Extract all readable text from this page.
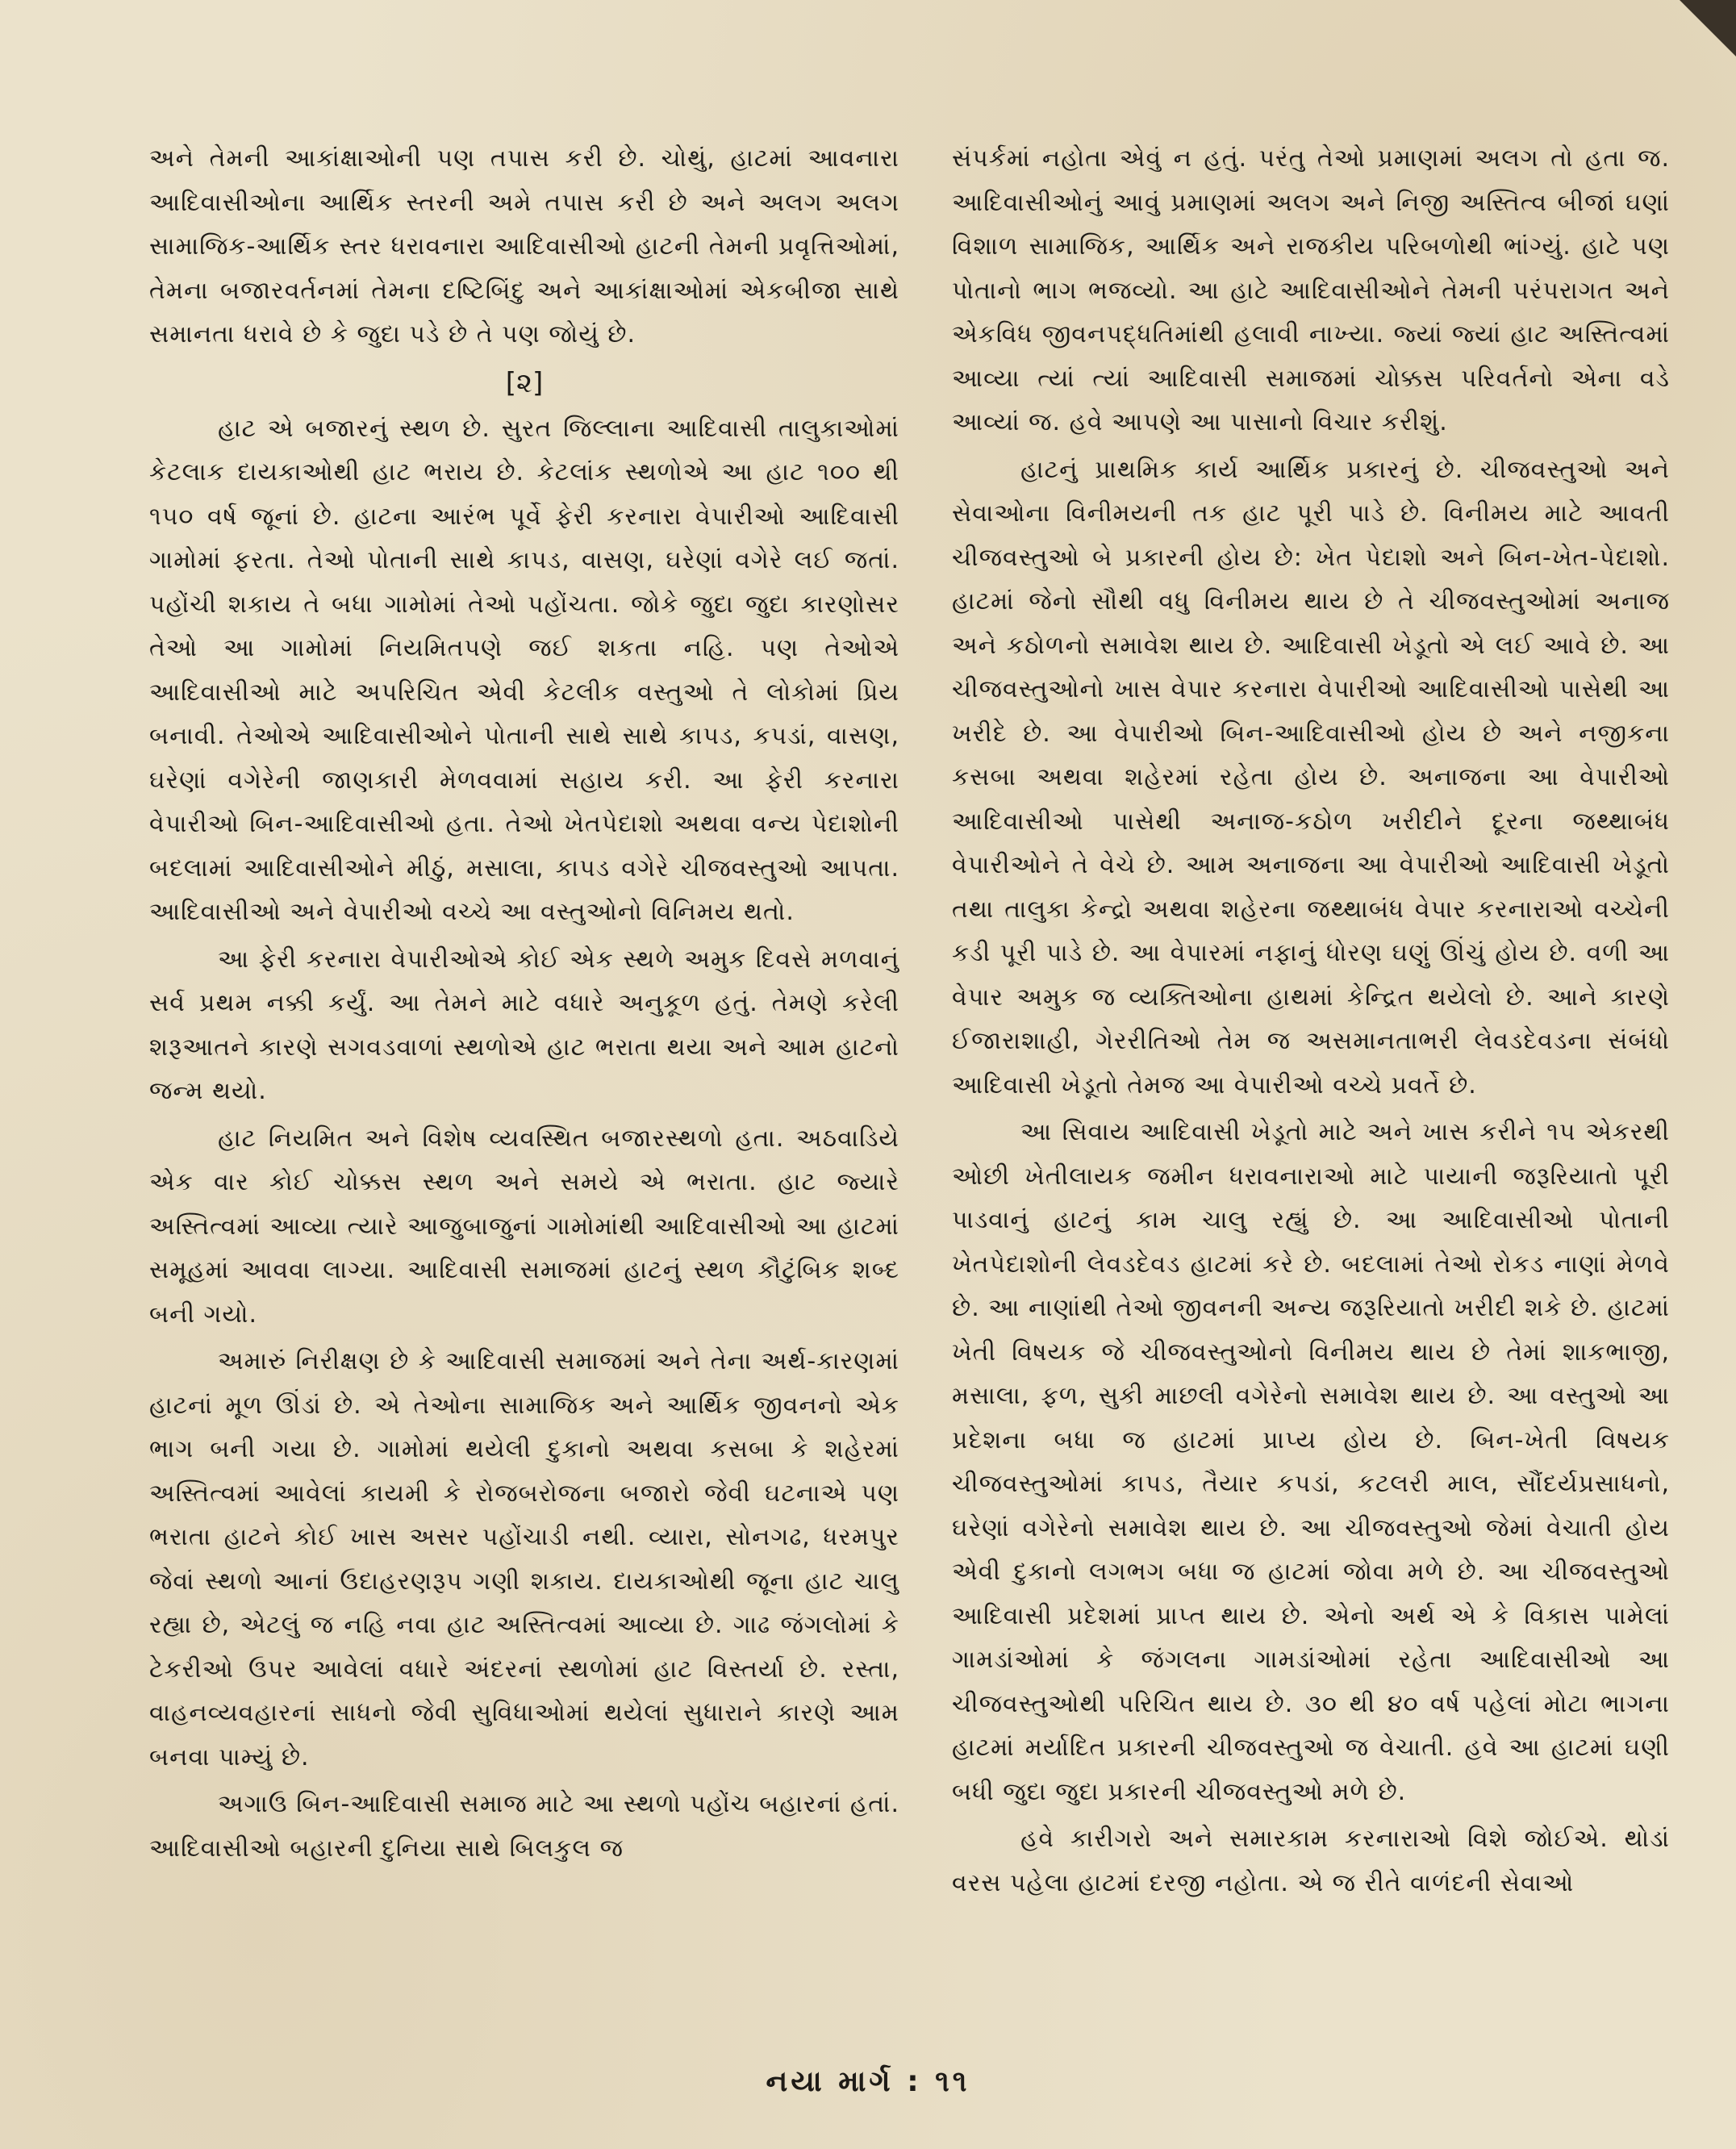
અને તેમની આકાંક્ષાઓની પણ તપાસ કરી છે. ચોથું, હાટમાં આવનારા આદિવાસીઓના આર્થિક સ્તરની અમે તપાસ કરી છે અને અલગ અલગ સામાજિક-આર્થિક સ્તર ધરાવનારા આદિવાસીઓ હાટની તેમની પ્રવૃત્તિઓમાં, તેમના બજારવર્તનમાં તેમના દષ્ટિબિંદુ અને આકાંક્ષાઓમાં એકબીજા સાથે સમાનતા ધરાવે છે કે જુદા પડે છે તે પણ જોયું છે.

[૨]

હાટ એ બજારનું સ્થળ છે. સુરત જિલ્લાના આદિવાસી તાલુકાઓમાં કેટલાક દાયકાઓથી હાટ ભરાય છે. કેટલાંક સ્થળોએ આ હાટ ૧૦૦ થી ૧૫૦ વર્ષ જૂનાં છે. હાટના આરંભ પૂર્વે ફેરી કરનારા વેપારીઓ આદિવાસી ગામોમાં ફરતા. તેઓ પોતાની સાથે કાપડ, વાસણ, ઘરેણાં વગેરે લઈ જતાં. પહોંચી શકાય તે બધા ગામોમાં તેઓ પહોંચતા. જોકે જુદા જુદા કારણોસર તેઓ આ ગામોમાં નિયમિતપણે જઈ શકતા નહિ. પણ તેઓએ આદિવાસીઓ માટે અપરિચિત એવી કેટલીક વસ્તુઓ તે લોકોમાં પ્રિય બનાવી. તેઓએ આદિવાસીઓને પોતાની સાથે સાથે કાપડ, કપડાં, વાસણ, ઘરેણાં વગેરેની જાણકારી મેળવવામાં સહાય કરી. આ ફેરી કરનારા વેપારીઓ બિન-આદિવાસીઓ હતા. તેઓ ખેતપેદાશો અથવા વન્ય પેદાશોની બદલામાં આદિવાસીઓને મીઠું, મસાલા, કાપડ વગેરે ચીજવસ્તુઓ આપતા. આદિવાસીઓ અને વેપારીઓ વચ્ચે આ વસ્તુઓનો વિનિમય થતો.

આ ફેરી કરનારા વેપારીઓએ કોઈ એક સ્થળે અમુક દિવસે મળવાનું સર્વ પ્રથમ નક્કી કર્યું. આ તેમને માટે વધારે અનુકૂળ હતું. તેમણે કરેલી શરૂઆતને કારણે સગવડવાળાં સ્થળોએ હાટ ભરાતા થયા અને આમ હાટનો જન્મ થયો.

હાટ નિયમિત અને વિશેષ વ્યવસ્થિત બજારસ્થળો હતા. અઠવાડિયે એક વાર કોઈ ચોક્કસ સ્થળ અને સમયે એ ભરાતા. હાટ જ્યારે અસ્તિત્વમાં આવ્યા ત્યારે આજુબાજુનાં ગામોમાંથી આદિવાસીઓ આ હાટમાં સમૂહમાં આવવા લાગ્યા. આદિવાસી સમાજમાં હાટનું સ્થળ કૌટુંબિક શબ્દ બની ગયો.

અમારું નિરીક્ષણ છે કે આદિવાસી સમાજમાં અને તેના અર્થ-કારણમાં હાટનાં મૂળ ઊંડાં છે. એ તેઓના સામાજિક અને આર્થિક જીવનનો એક ભાગ બની ગયા છે. ગામોમાં થયેલી દુકાનો અથવા કસબા કે શહેરમાં અસ્તિત્વમાં આવેલાં કાયમી કે રોજબરોજના બજારો જેવી ઘટનાએ પણ ભરાતા હાટને કોઈ ખાસ અસર પહોંચાડી નથી. વ્યારા, સોનગઢ, ધરમપુર જેવાં સ્થળો આનાં ઉદાહરણરૂપ ગણી શકાય. દાયકાઓથી જૂના હાટ ચાલુ રહ્યા છે, એટલું જ નહિ નવા હાટ અસ્તિત્વમાં આવ્યા છે. ગાઢ જંગલોમાં કે ટેકરીઓ ઉપર આવેલાં વધારે અંદરનાં સ્થળોમાં હાટ વિસ્તર્યા છે. રસ્તા, વાહનવ્યવહારનાં સાધનો જેવી સુવિધાઓમાં થયેલાં સુધારાને કારણે આમ બનવા પામ્યું છે.

અગાઉ બિન-આદિવાસી સમાજ માટે આ સ્થળો પહોંચ બહારનાં હતાં. આદિવાસીઓ બહારની દુનિયા સાથે બિલકુલ જ

સંપર્કમાં નહોતા એવું ન હતું. પરંતુ તેઓ પ્રમાણમાં અલગ તો હતા જ. આદિવાસીઓનું આવું પ્રમાણમાં અલગ અને નિજી અસ્તિત્વ બીજાં ઘણાં વિશાળ સામાજિક, આર્થિક અને રાજકીય પરિબળોથી ભાંગ્યું. હાટે પણ પોતાનો ભાગ ભજવ્યો. આ હાટે આદિવાસીઓને તેમની પરંપરાગત અને એકવિધ જીવનપદ્ધતિમાંથી હલાવી નાખ્યા. જ્યાં જ્યાં હાટ અસ્તિત્વમાં આવ્યા ત્યાં ત્યાં આદિવાસી સમાજમાં ચોક્કસ પરિવર્તનો એના વડે આવ્યાં જ. હવે આપણે આ પાસાનો વિચાર કરીશું.

હાટનું પ્રાથમિક કાર્ય આર્થિક પ્રકારનું છે. ચીજવસ્તુઓ અને સેવાઓના વિનીમયની તક હાટ પૂરી પાડે છે. વિનીમય માટે આવતી ચીજવસ્તુઓ બે પ્રકારની હોય છે: ખેત પેદાશો અને બિન-ખેત-પેદાશો. હાટમાં જેનો સૌથી વધુ વિનીમય થાય છે તે ચીજવસ્તુઓમાં અનાજ અને કઠોળનો સમાવેશ થાય છે. આદિવાસી ખેડૂતો એ લઈ આવે છે. આ ચીજવસ્તુઓનો ખાસ વેપાર કરનારા વેપારીઓ આદિવાસીઓ પાસેથી આ ખરીદે છે. આ વેપારીઓ બિન-આદિવાસીઓ હોય છે અને નજીકના કસબા અથવા શહેરમાં રહેતા હોય છે. અનાજના આ વેપારીઓ આદિવાસીઓ પાસેથી અનાજ-કઠોળ ખરીદીને દૂરના જથ્થાબંધ વેપારીઓને તે વેચે છે. આમ અનાજના આ વેપારીઓ આદિવાસી ખેડૂતો તથા તાલુકા કેન્દ્રો અથવા શહેરના જથ્થાબંધ વેપાર કરનારાઓ વચ્ચેની કડી પૂરી પાડે છે. આ વેપારમાં નફાનું ધોરણ ઘણું ઊંચું હોય છે. વળી આ વેપાર અમુક જ વ્યક્તિઓના હાથમાં કેન્દ્રિત થયેલો છે. આને કારણે ઈજારાશાહી, ગેરરીતિઓ તેમ જ અસમાનતાભરી લેવડદેવડના સંબંધો આદિવાસી ખેડૂતો તેમજ આ વેપારીઓ વચ્ચે પ્રવર્તે છે.

આ સિવાય આદિવાસી ખેડૂતો માટે અને ખાસ કરીને ૧૫ એકરથી ઓછી ખેતીલાયક જમીન ધરાવનારાઓ માટે પાયાની જરૂરિયાતો પૂરી પાડવાનું હાટનું કામ ચાલુ રહ્યું છે. આ આદિવાસીઓ પોતાની ખેતપેદાશોની લેવડદેવડ હાટમાં કરે છે. બદલામાં તેઓ રોકડ નાણાં મેળવે છે. આ નાણાંથી તેઓ જીવનની અન્ય જરૂરિયાતો ખરીદી શકે છે. હાટમાં ખેતી વિષયક જે ચીજવસ્તુઓનો વિનીમય થાય છે તેમાં શાકભાજી, મસાલા, ફળ, સુકી માછલી વગેરેનો સમાવેશ થાય છે. આ વસ્તુઓ આ પ્રદેશના બધા જ હાટમાં પ્રાપ્ય હોય છે. બિન-ખેતી વિષયક ચીજવસ્તુઓમાં કાપડ, તૈયાર કપડાં, કટલરી માલ, સૌંદર્યપ્રસાધનો, ઘરેણાં વગેરેનો સમાવેશ થાય છે. આ ચીજવસ્તુઓ જેમાં વેચાતી હોય એવી દુકાનો લગભગ બધા જ હાટમાં જોવા મળે છે. આ ચીજવસ્તુઓ આદિવાસી પ્રદેશમાં પ્રાપ્ત થાય છે. એનો અર્થ એ કે વિકાસ પામેલાં ગામડાંઓમાં કે જંગલના ગામડાંઓમાં રહેતા આદિવાસીઓ આ ચીજવસ્તુઓથી પરિચિત થાય છે. ૩૦ થી ૪૦ વર્ષ પહેલાં મોટા ભાગના હાટમાં મર્યાદિત પ્રકારની ચીજવસ્તુઓ જ વેચાતી. હવે આ હાટમાં ઘણી બધી જુદા જુદા પ્રકારની ચીજવસ્તુઓ મળે છે.

હવે કારીગરો અને સમારકામ કરનારાઓ વિશે જોઈએ. થોડાં વરસ પહેલા હાટમાં દરજી નહોતા. એ જ રીતે વાળંદની સેવાઓ

નયા માર્ગ : ૧૧
